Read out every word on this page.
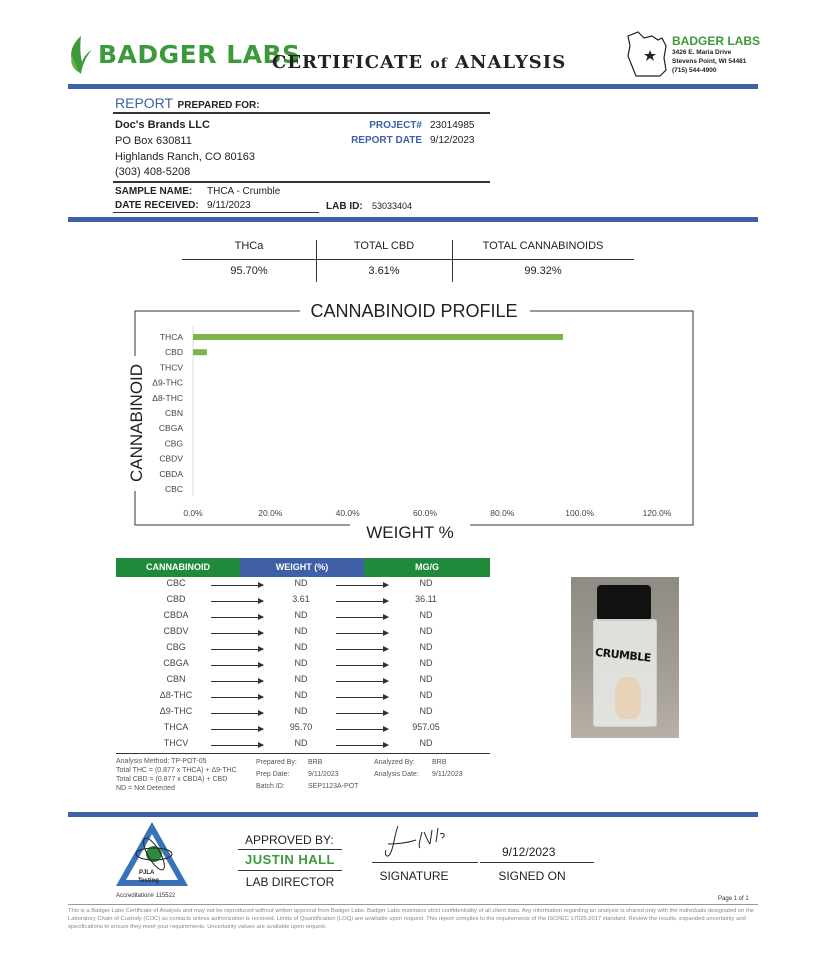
BADGER LABS
CERTIFICATE of ANALYSIS
BADGER LABS
3426 E. Maria Drive
Stevens Point, WI 54481
(715) 544-4900
REPORT PREPARED FOR:
Doc's Brands LLC
PO Box 630811
Highlands Ranch, CO 80163
(303) 408-5208
PROJECT# 23014985
REPORT DATE 9/12/2023
SAMPLE NAME: THCA - Crumble
DATE RECEIVED: 9/11/2023	LAB ID: 53033404
THCa	TOTAL CBD	TOTAL CANNABINOIDS
95.70%	3.61%	99.32%
CANNABINOID PROFILE
WEIGHT %
CANNABINOID
THCA
CBD
THCV
Δ9-THC
Δ8-THC
CBN
CBGA
CBG
CBDV
CBDA
CBC
0.0%	20.0%	40.0%	60.0%	80.0%	100.0%	120.0%
CANNABINOID	WEIGHT (%)	MG/G
CBC	ND	ND
CBD	3.61	36.11
CBDA	ND	ND
CBDV	ND	ND
CBG	ND	ND
CBGA	ND	ND
CBN	ND	ND
Δ8-THC	ND	ND
Δ9-THC	ND	ND
THCA	95.70	957.05
THCV	ND	ND
Analysis Method: TP-POT-05
Total THC = (0.877 x THCA) + Δ9-THC
Total CBD = (0.877 x CBDA) + CBD
ND = Not Detected
Prepared By: BRB
Prep Date:	9/11/2023
Batch ID:	SEP1123A-POT
Analyzed By: BRB
Analysis Date: 9/11/2023
CRUMBLE
PJLA
Testing
Accreditation# 115522
APPROVED BY:
JUSTIN HALL
LAB DIRECTOR	SIGNATURE
9/12/2023
SIGNED ON
Page 1 of 1
This is a Badger Labs Certificate of Analysis and may not be reproduced without written approval from Badger Labs. Badger Labs maintains strict confidentiality of all client data. Any information regarding an analysis is shared only with the individuals designated on the Laboratory Chain of Custody (COC) as contacts unless authorization is received. Limits of Quantification (LOQ) are available upon request. This report complies to the requirements of the ISO/IEC 17025:2017 standard. Review the results, expanded uncertainty and specifications to ensure they meet your requirements. Uncertainty values are available upon request.
